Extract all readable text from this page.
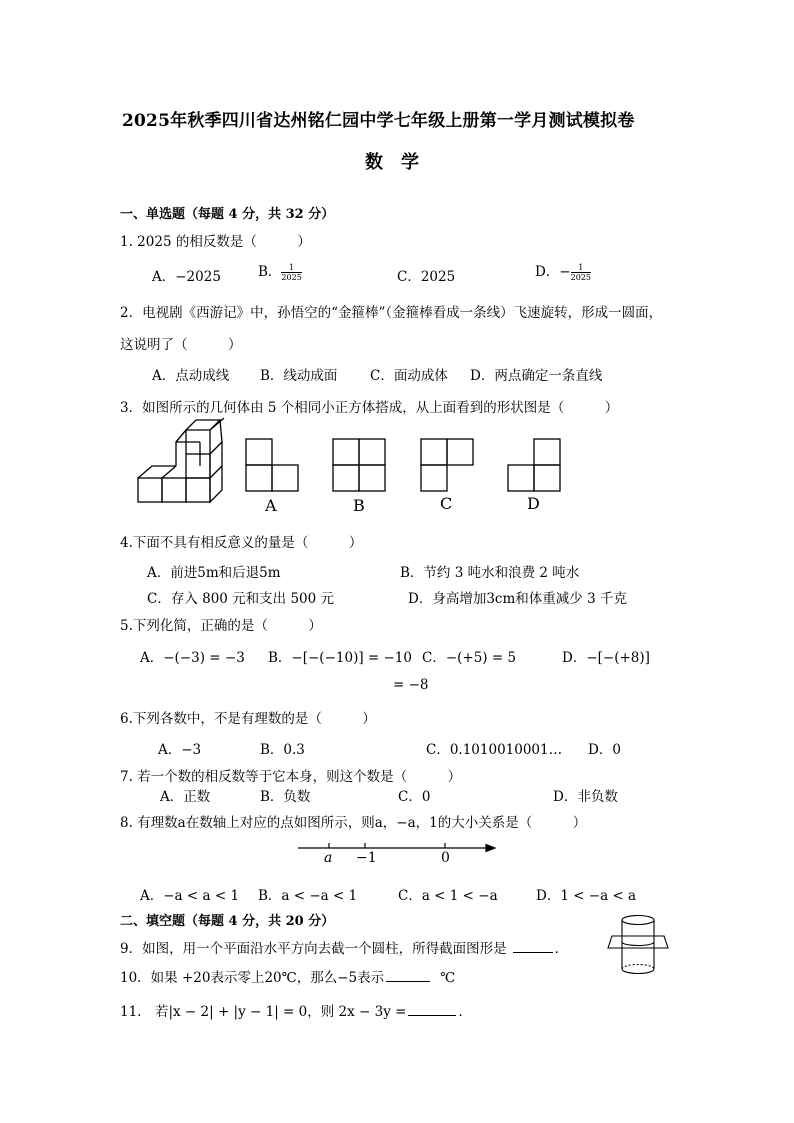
2025年秋季四川省达州铭仁园中学七年级上册第一学月测试模拟卷
数　学
一、单选题（每题 4 分，共 32 分）
1. 2025 的相反数是（　　　）
A．−2025	B． $\frac{1}{2025}$	C．2025	D．− $\frac{1}{2025}$
2．电视剧《西游记》中，孙悟空的“金箍棒”（金箍棒看成一条线）飞速旋转，形成一圆面，
这说明了（　　　）
A．点动成线 B．线动成面 C．面动成体 D．两点确定一条直线
3．如图所示的几何体由 5 个相同小正方体搭成，从上面看到的形状图是（　　　）
A	B	C	D
4.下面不具有相反意义的量是（　　　）
A．前进5m和后退5m	B．节约 3 吨水和浪费 2 吨水
C．存入 800 元和支出 500 元	D．身高增加3cm和体重减少 3 千克
5.下列化简，正确的是（　　　）
A．−(−3) = −3 B．−[−(−10)] = −10 C．−(+5) = 5	D．−[−(+8)]
= −8
6.下列各数中，不是有理数的是（　　　）
A．−3	B．0.3	C．0.1010010001… D．0
7. 若一个数的相反数等于它本身，则这个数是（　　　）
A．正数	B．负数	C．0	D．非负数
8. 有理数a在数轴上对应的点如图所示，则a，−a，1的大小关系是（　　　）
a −1	0
A．−a < a < 1 B．a < −a < 1	C．a < 1 < −a	D．1 < −a < a
二、填空题（每题 4 分，共 20 分）
9．如图，用一个平面沿水平方向去截一个圆柱，所得截面图形是	．
10．如果 +20表示零上20℃，那么−5表示	℃
11.　若|x − 2| + |y − 1| = 0，则 2x − 3y =	．
